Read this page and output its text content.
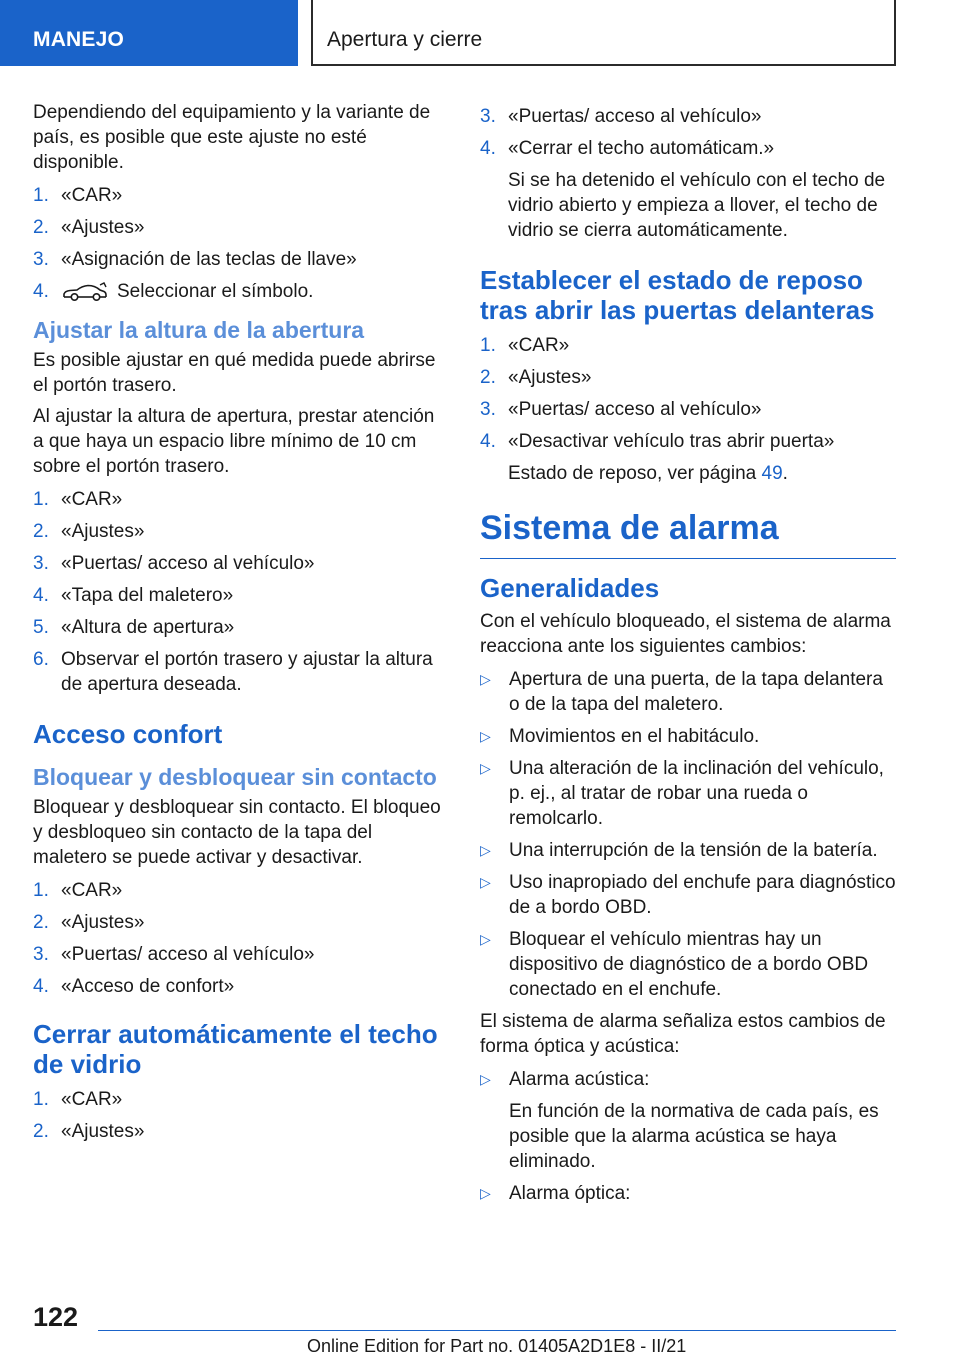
MANEJO	Apertura y cierre

Dependiendo del equipamiento y la variante de país, es posible que este ajuste no esté disponible.

1. «CAR»
2. «Ajustes»
3. «Asignación de las teclas de llave»
4.	Seleccionar el símbolo.
Ajustar la altura de la abertura

Es posible ajustar en qué medida puede abrirse el portón trasero.

Al ajustar la altura de apertura, prestar atención a que haya un espacio libre mínimo de 10 cm sobre el portón trasero.

1. «CAR»
2. «Ajustes»
3. «Puertas/ acceso al vehículo»
4. «Tapa del maletero»
5. «Altura de apertura»
6. Observar el portón trasero y ajustar la altura de apertura deseada.
Acceso confort
Bloquear y desbloquear sin contacto

Bloquear y desbloquear sin contacto. El bloqueo y desbloqueo sin contacto de la tapa del maletero se puede activar y desactivar.

1. «CAR»
2. «Ajustes»
3. «Puertas/ acceso al vehículo»
4. «Acceso de confort»
Cerrar automáticamente el techo de vidrio
1. «CAR»
2. «Ajustes»
3. «Puertas/ acceso al vehículo»
4. «Cerrar el techo automáticam.»
Si se ha detenido el vehículo con el techo de vidrio abierto y empieza a llover, el techo de vidrio se cierra automáticamente.
Establecer el estado de reposo tras abrir las puertas delanteras
1. «CAR»
2. «Ajustes»
3. «Puertas/ acceso al vehículo»
4. «Desactivar vehículo tras abrir puerta»
Estado de reposo, ver página 49.
Sistema de alarma
Generalidades

Con el vehículo bloqueado, el sistema de alarma reacciona ante los siguientes cambios:

▷ Apertura de una puerta, de la tapa delantera o de la tapa del maletero.
▷ Movimientos en el habitáculo.
▷ Una alteración de la inclinación del vehículo, p. ej., al tratar de robar una rueda o remolcarlo.
▷ Una interrupción de la tensión de la batería.
▷ Uso inapropiado del enchufe para diagnóstico de a bordo OBD.
▷ Bloquear el vehículo mientras hay un dispositivo de diagnóstico de a bordo OBD conectado en el enchufe.

El sistema de alarma señaliza estos cambios de forma óptica y acústica:

▷ Alarma acústica:
En función de la normativa de cada país, es posible que la alarma acústica se haya eliminado.
▷ Alarma óptica:
122
Online Edition for Part no. 01405A2D1E8 - II/21
